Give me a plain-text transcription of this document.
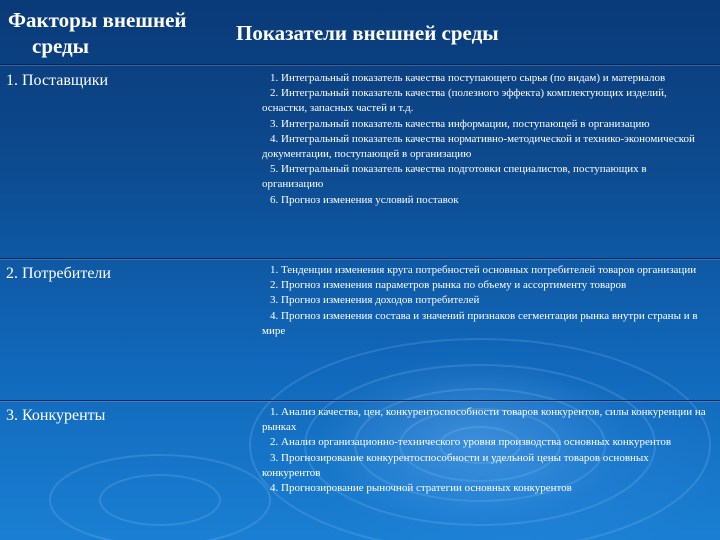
Факторы внешней
среды
Показатели внешней среды
1. Поставщики	1. Интегральный показатель качества поступающего сырья (по видам) и материалов
2. Интегральный показатель качества (полезного эффекта) комплектующих изделий, оснастки, запасных частей и т.д.
3. Интегральный показатель качества информации, поступающей в организацию
4. Интегральный показатель качества нормативно-методической и технико-экономической документации, поступающей в организацию
5. Интегральный показатель качества подготовки специалистов, поступающих в организацию
6. Прогноз изменения условий поставок
2. Потребители	1. Тенденции изменения круга потребностей основных потребителей товаров организации
2. Прогноз изменения параметров рынка по объему и ассортименту товаров
3. Прогноз изменения доходов потребителей
4. Прогноз изменения состава и значений признаков сегментации рынка внутри страны и в мире
3. Конкуренты	1. Анализ качества, цен, конкурентоспособности товаров конкурентов, силы конкуренции на рынках
2. Анализ организационно-технического уровня производства основных конкурентов
3. Прогнозирование конкурентоспособности и удельной цены товаров основных конкурентов
4. Прогнозирование рыночной стратегии основных конкурентов
